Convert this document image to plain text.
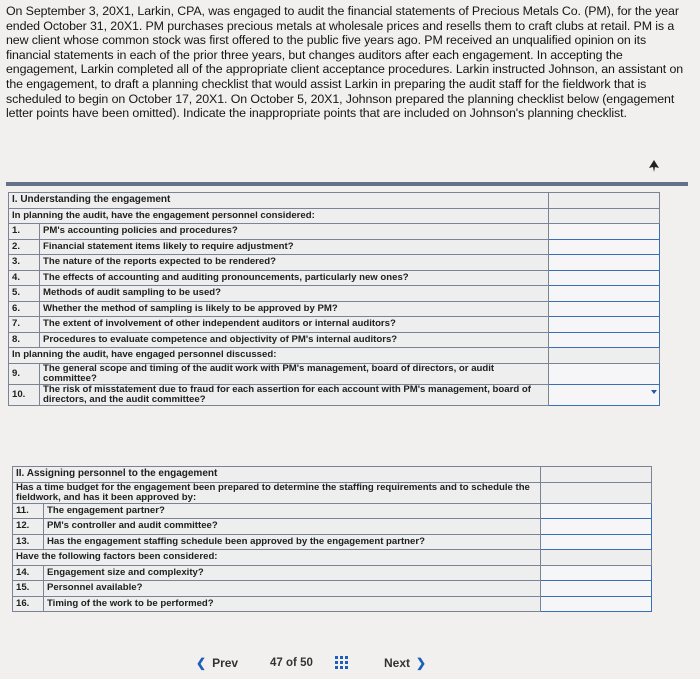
On September 3, 20X1, Larkin, CPA, was engaged to audit the financial statements of Precious Metals Co. (PM), for the year ended October 31, 20X1. PM purchases precious metals at wholesale prices and resells them to craft clubs at retail. PM is a new client whose common stock was first offered to the public five years ago. PM received an unqualified opinion on its financial statements in each of the prior three years, but changes auditors after each engagement. In accepting the engagement, Larkin completed all of the appropriate client acceptance procedures. Larkin instructed Johnson, an assistant on the engagement, to draft a planning checklist that would assist Larkin in preparing the audit staff for the fieldwork that is scheduled to begin on October 17, 20X1. On October 5, 20X1, Johnson prepared the planning checklist below (engagement letter points have been omitted). Indicate the inappropriate points that are included on Johnson's planning checklist.

I. Understanding the engagement		
In planning the audit, have the engagement personnel considered:		
1.	PM's accounting policies and procedures?	
2.	Financial statement items likely to require adjustment?	
3.	The nature of the reports expected to be rendered?	
4.	The effects of accounting and auditing pronouncements, particularly new ones?	
5.	Methods of audit sampling to be used?	
6.	Whether the method of sampling is likely to be approved by PM?	
7.	The extent of involvement of other independent auditors or internal auditors?	
8.	Procedures to evaluate competence and objectivity of PM's internal auditors?	
In planning the audit, have engaged personnel discussed:		
9.	The general scope and timing of the audit work with PM's management, board of directors, or audit committee?	
10.	The risk of misstatement due to fraud for each assertion for each account with PM's management, board of directors, and the audit committee?	
II. Assigning personnel to the engagement		
Has a time budget for the engagement been prepared to determine the staffing requirements and to schedule the fieldwork, and has it been approved by:		
11.	The engagement partner?	
12.	PM's controller and audit committee?	
13.	Has the engagement staffing schedule been approved by the engagement partner?	
Have the following factors been considered:		
14.	Engagement size and complexity?	
15.	Personnel available?	
16.	Timing of the work to be performed?	
❮ Prev	47 of 50	Next ❯
